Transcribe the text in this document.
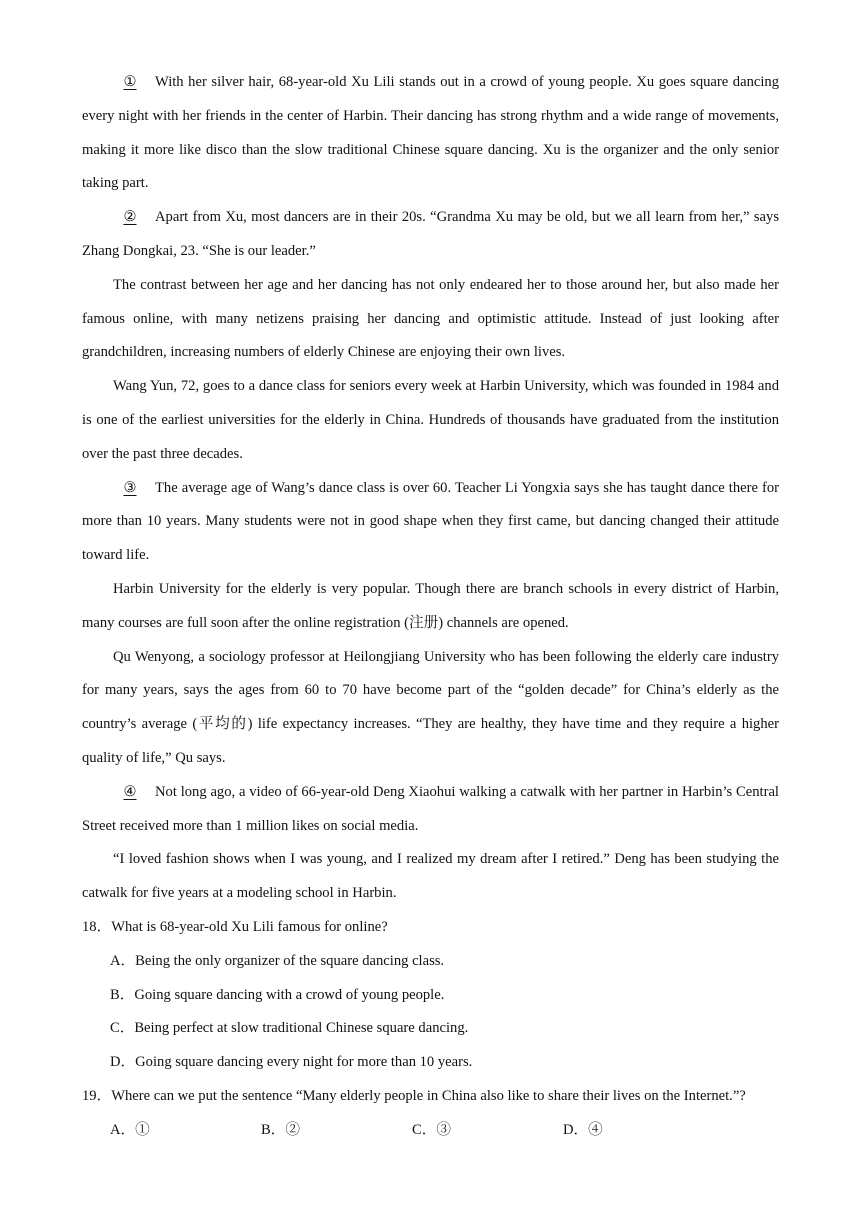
① With her silver hair, 68-year-old Xu Lili stands out in a crowd of young people. Xu goes square dancing every night with her friends in the center of Harbin. Their dancing has strong rhythm and a wide range of movements, making it more like disco than the slow traditional Chinese square dancing. Xu is the organizer and the only senior taking part.

② Apart from Xu, most dancers are in their 20s. “Grandma Xu may be old, but we all learn from her,” says Zhang Dongkai, 23. “She is our leader.”

The contrast between her age and her dancing has not only endeared her to those around her, but also made her famous online, with many netizens praising her dancing and optimistic attitude. Instead of just looking after grandchildren, increasing numbers of elderly Chinese are enjoying their own lives.

Wang Yun, 72, goes to a dance class for seniors every week at Harbin University, which was founded in 1984 and is one of the earliest universities for the elderly in China. Hundreds of thousands have graduated from the institution over the past three decades.

③ The average age of Wang’s dance class is over 60. Teacher Li Yongxia says she has taught dance there for more than 10 years. Many students were not in good shape when they first came, but dancing changed their attitude toward life.

Harbin University for the elderly is very popular. Though there are branch schools in every district of Harbin, many courses are full soon after the online registration (注册) channels are opened.

Qu Wenyong, a sociology professor at Heilongjiang University who has been following the elderly care industry for many years, says the ages from 60 to 70 have become part of the “golden decade” for China’s elderly as the country’s average (平均的) life expectancy increases. “They are healthy, they have time and they require a higher quality of life,” Qu says.

④ Not long ago, a video of 66-year-old Deng Xiaohui walking a catwalk with her partner in Harbin’s Central Street received more than 1 million likes on social media.

“I loved fashion shows when I was young, and I realized my dream after I retired.” Deng has been studying the catwalk for five years at a modeling school in Harbin.

18．What is 68-year-old Xu Lili famous for online?

A．Being the only organizer of the square dancing class.

B．Going square dancing with a crowd of young people.

C．Being perfect at slow traditional Chinese square dancing.

D．Going square dancing every night for more than 10 years.

19．Where can we put the sentence “Many elderly people in China also like to share their lives on the Internet.”?

A．①	B．②	C．③	D．④
